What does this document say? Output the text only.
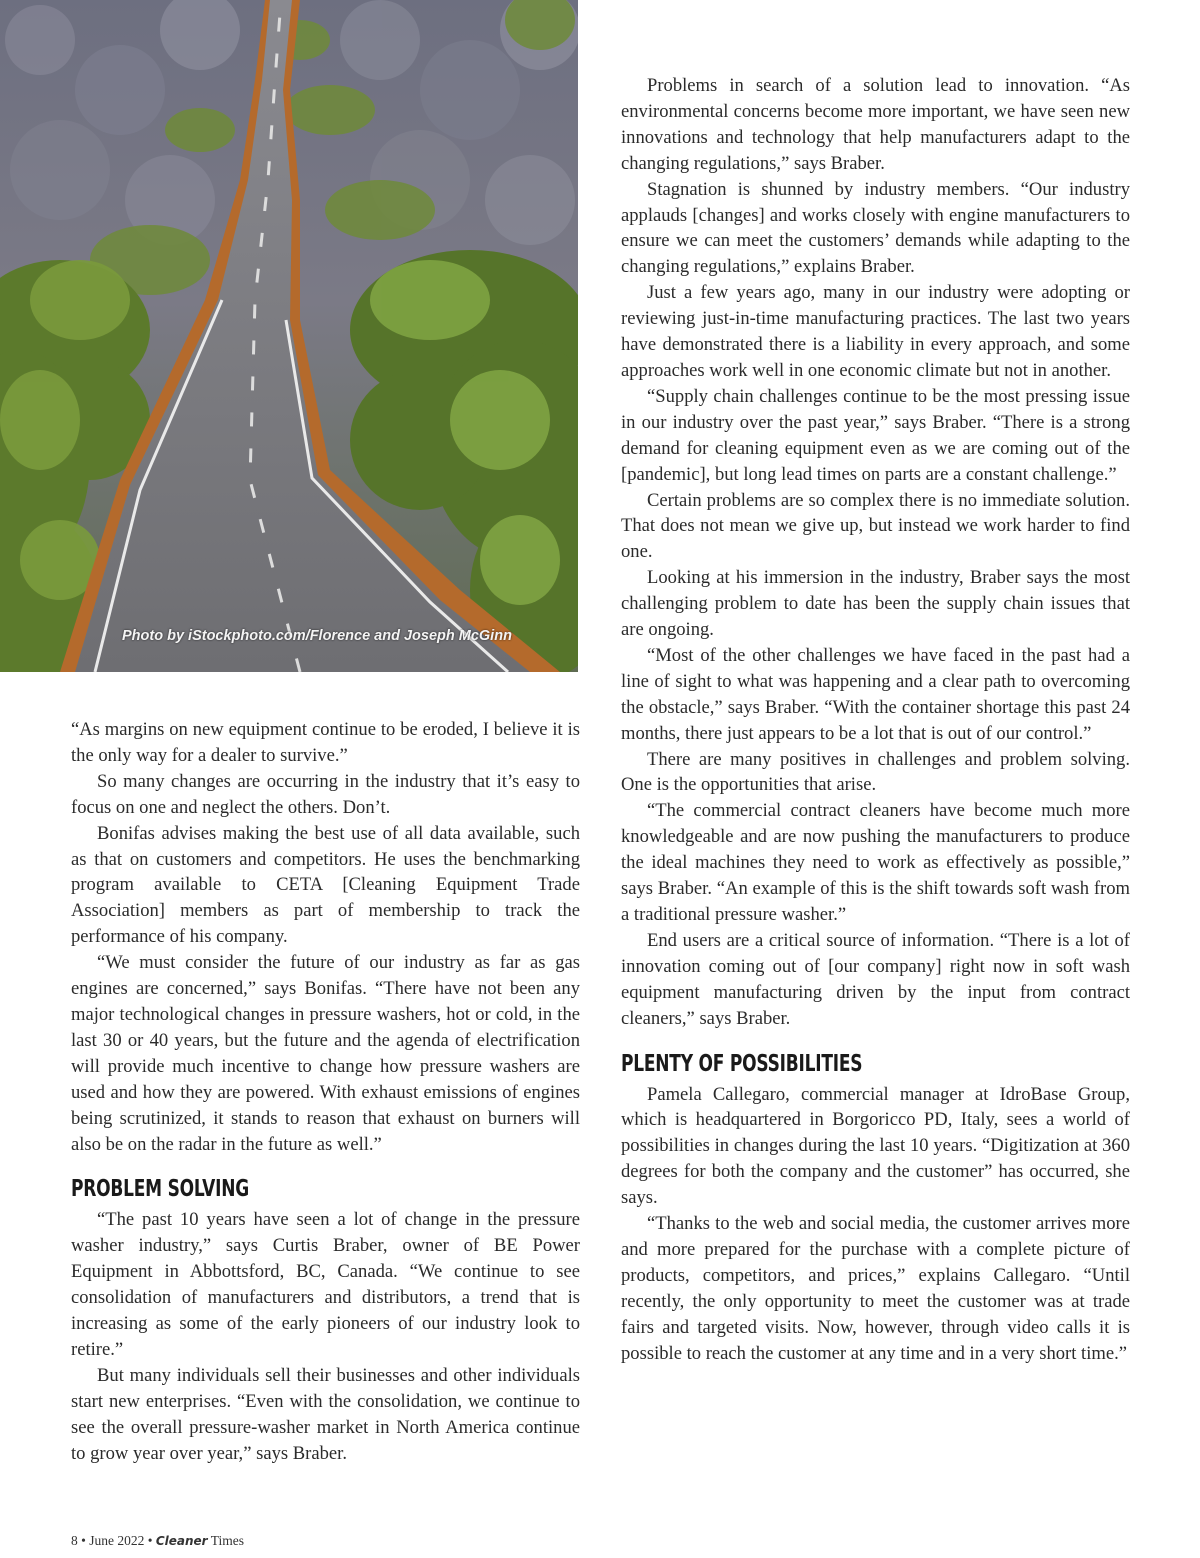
Photo by iStockphoto.com/Florence and Joseph McGinn

“As margins on new equipment continue to be eroded, I believe it is the only way for a dealer to survive.”

So many changes are occurring in the industry that it’s easy to focus on one and neglect the others. Don’t.

Bonifas advises making the best use of all data available, such as that on customers and competitors. He uses the benchmarking program available to CETA [Cleaning Equipment Trade Association] members as part of membership to track the performance of his company.

“We must consider the future of our industry as far as gas engines are concerned,” says Bonifas. “There have not been any major technological changes in pressure washers, hot or cold, in the last 30 or 40 years, but the future and the agenda of electrification will provide much incentive to change how pressure washers are used and how they are powered. With exhaust emissions of engines being scrutinized, it stands to reason that exhaust on burners will also be on the radar in the future as well.”

PROBLEM SOLVING

“The past 10 years have seen a lot of change in the pressure washer industry,” says Curtis Braber, owner of BE Power Equipment in Abbottsford, BC, Canada. “We continue to see consolidation of manufacturers and distributors, a trend that is increasing as some of the early pioneers of our industry look to retire.”

But many individuals sell their businesses and other individuals start new enterprises. “Even with the consolidation, we continue to see the overall pressure-washer market in North America continue to grow year over year,” says Braber.

Problems in search of a solution lead to innovation. “As environmental concerns become more important, we have seen new innovations and technology that help manufacturers adapt to the changing regulations,” says Braber.

Stagnation is shunned by industry members. “Our industry applauds [changes] and works closely with engine manufacturers to ensure we can meet the customers’ demands while adapting to the changing regulations,” explains Braber.

Just a few years ago, many in our industry were adopting or reviewing just-in-time manufacturing practices. The last two years have demonstrated there is a liability in every approach, and some approaches work well in one economic climate but not in another.

“Supply chain challenges continue to be the most pressing issue in our industry over the past year,” says Braber. “There is a strong demand for cleaning equipment even as we are coming out of the [pandemic], but long lead times on parts are a constant challenge.”

Certain problems are so complex there is no immediate solution. That does not mean we give up, but instead we work harder to find one.

Looking at his immersion in the industry, Braber says the most challenging problem to date has been the supply chain issues that are ongoing.

“Most of the other challenges we have faced in the past had a line of sight to what was happening and a clear path to overcoming the obstacle,” says Braber. “With the container shortage this past 24 months, there just appears to be a lot that is out of our control.”

There are many positives in challenges and problem solving. One is the opportunities that arise.

“The commercial contract cleaners have become much more knowledgeable and are now pushing the manufacturers to produce the ideal machines they need to work as effectively as possible,” says Braber. “An example of this is the shift towards soft wash from a traditional pressure washer.”

End users are a critical source of information. “There is a lot of innovation coming out of [our company] right now in soft wash equipment manufacturing driven by the input from contract cleaners,” says Braber.

PLENTY OF POSSIBILITIES

Pamela Callegaro, commercial manager at IdroBase Group, which is headquartered in Borgoricco PD, Italy, sees a world of possibilities in changes during the last 10 years. “Digitization at 360 degrees for both the company and the customer” has occurred, she says.

“Thanks to the web and social media, the customer arrives more and more prepared for the purchase with a complete picture of products, competitors, and prices,” explains Callegaro. “Until recently, the only opportunity to meet the customer was at trade fairs and targeted visits. Now, however, through video calls it is possible to reach the customer at any time and in a very short time.”

8 • June 2022 • Cleaner Times
